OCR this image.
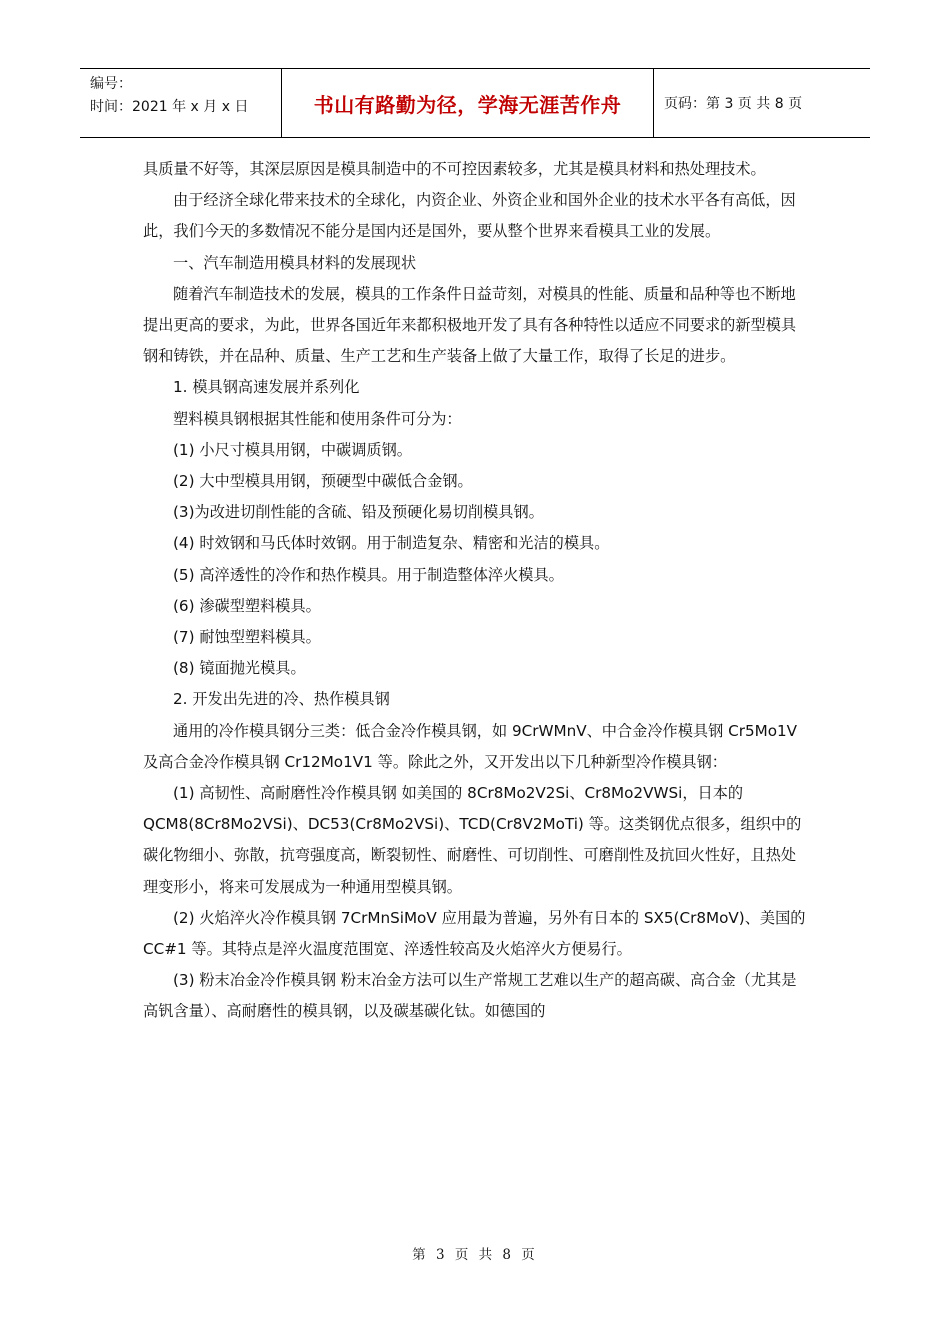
编号：
时间：2021 年 x 月 x 日	书山有路勤为径，学海无涯苦作舟	页码：第 3 页 共 8 页

具质量不好等，其深层原因是模具制造中的不可控因素较多，尤其是模具材料和热处理技术。

由于经济全球化带来技术的全球化，内资企业、外资企业和国外企业的技术水平各有高低，因此，我们今天的多数情况不能分是国内还是国外，要从整个世界来看模具工业的发展。

一、汽车制造用模具材料的发展现状

随着汽车制造技术的发展，模具的工作条件日益苛刻，对模具的性能、质量和品种等也不断地提出更高的要求，为此，世界各国近年来都积极地开发了具有各种特性以适应不同要求的新型模具钢和铸铁，并在品种、质量、生产工艺和生产装备上做了大量工作，取得了长足的进步。

1. 模具钢高速发展并系列化

塑料模具钢根据其性能和使用条件可分为：

(1) 小尺寸模具用钢，中碳调质钢。

(2) 大中型模具用钢，预硬型中碳低合金钢。

(3)为改进切削性能的含硫、铅及预硬化易切削模具钢。

(4) 时效钢和马氏体时效钢。用于制造复杂、精密和光洁的模具。

(5) 高淬透性的冷作和热作模具。用于制造整体淬火模具。

(6) 渗碳型塑料模具。

(7) 耐蚀型塑料模具。

(8) 镜面抛光模具。

2. 开发出先进的冷、热作模具钢

通用的冷作模具钢分三类：低合金冷作模具钢，如 9CrWMnV、中合金冷作模具钢 Cr5Mo1V 及高合金冷作模具钢 Cr12Mo1V1 等。除此之外，又开发出以下几种新型冷作模具钢：

(1) 高韧性、高耐磨性冷作模具钢 如美国的 8Cr8Mo2V2Si、Cr8Mo2VWSi，日本的 QCM8(8Cr8Mo2VSi)、DC53(Cr8Mo2VSi)、TCD(Cr8V2MoTi) 等。这类钢优点很多，组织中的碳化物细小、弥散，抗弯强度高，断裂韧性、耐磨性、可切削性、可磨削性及抗回火性好，且热处理变形小，将来可发展成为一种通用型模具钢。

(2) 火焰淬火冷作模具钢 7CrMnSiMoV 应用最为普遍，另外有日本的 SX5(Cr8MoV)、美国的 CC#1 等。其特点是淬火温度范围宽、淬透性较高及火焰淬火方便易行。

(3) 粉末冶金冷作模具钢 粉末冶金方法可以生产常规工艺难以生产的超高碳、高合金（尤其是高钒含量）、高耐磨性的模具钢，以及碳基碳化钛。如德国的

第 3 页 共 8 页
